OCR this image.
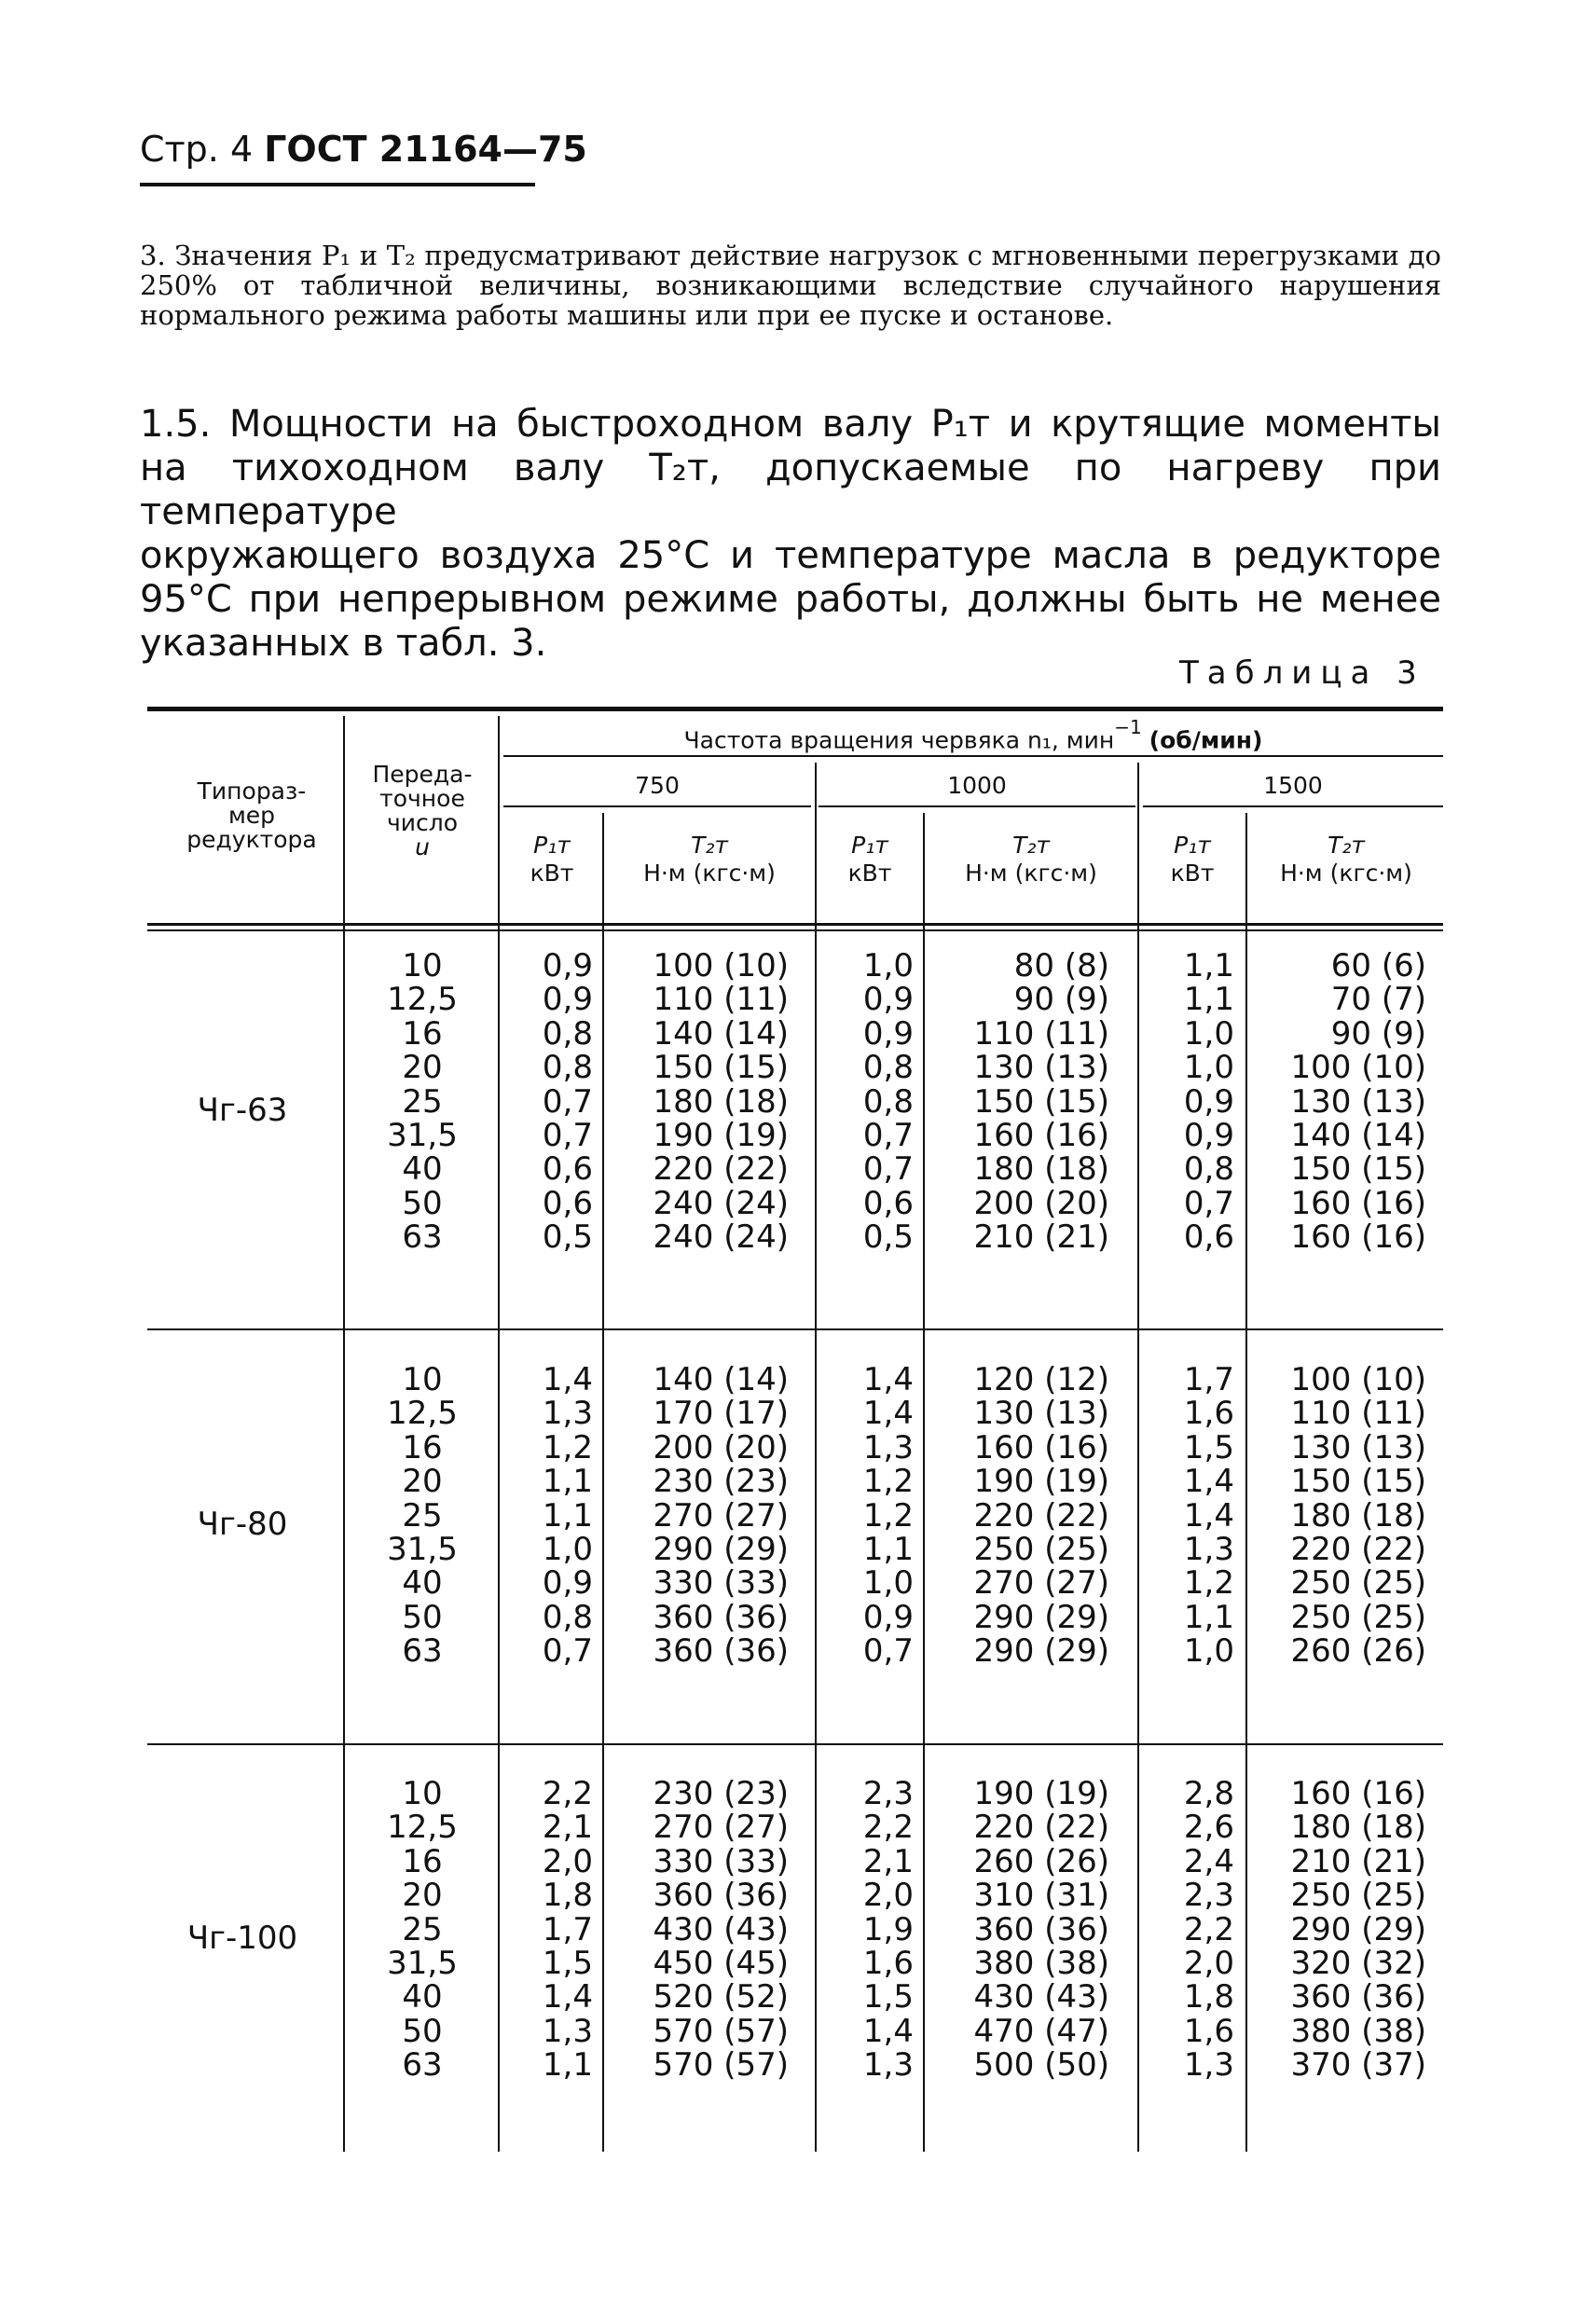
Стр. 4 ГОСТ 21164—75
3. Значения P₁ и T₂ предусматривают действие нагрузок с мгновенными перегрузками до 250% от табличной величины, возникающими вследствие случайного нарушения нормального режима работы машины или при ее пуске и останове.
1.5. Мощности на быстроходном валу P₁т и крутящие моменты
на тихоходном валу T₂т, допускаемые по нагреву при температуре
окружающего воздуха 25°С и температуре масла в редукторе
95°С при непрерывном режиме работы, должны быть не менее
указанных в табл. 3.
Таблица 3
Типораз-
мер
редуктора
Переда-
точное
число
u
Частота вращения червяка n₁, мин$^{-1}$ (об/мин)
750	1000	1500
P₁т
кВт
T₂т
Н·м (кгс·м)
P₁т
кВт
T₂т
Н·м (кгс·м)
P₁т
кВт
T₂т
Н·м (кгс·м)
Чг-63
10
12,5
16
20
25
31,5
40
50
63
0,9
0,9
0,8
0,8
0,7
0,7
0,6
0,6
0,5
100 (10)
110 (11)
140 (14)
150 (15)
180 (18)
190 (19)
220 (22)
240 (24)
240 (24)
1,0
0,9
0,9
0,8
0,8
0,7
0,7
0,6
0,5
80 (8)
90 (9)
110 (11)
130 (13)
150 (15)
160 (16)
180 (18)
200 (20)
210 (21)
1,1
1,1
1,0
1,0
0,9
0,9
0,8
0,7
0,6
60 (6)
70 (7)
90 (9)
100 (10)
130 (13)
140 (14)
150 (15)
160 (16)
160 (16)
Чг-80
10
12,5
16
20
25
31,5
40
50
63
1,4
1,3
1,2
1,1
1,1
1,0
0,9
0,8
0,7
140 (14)
170 (17)
200 (20)
230 (23)
270 (27)
290 (29)
330 (33)
360 (36)
360 (36)
1,4
1,4
1,3
1,2
1,2
1,1
1,0
0,9
0,7
120 (12)
130 (13)
160 (16)
190 (19)
220 (22)
250 (25)
270 (27)
290 (29)
290 (29)
1,7
1,6
1,5
1,4
1,4
1,3
1,2
1,1
1,0
100 (10)
110 (11)
130 (13)
150 (15)
180 (18)
220 (22)
250 (25)
250 (25)
260 (26)
Чг-100
10
12,5
16
20
25
31,5
40
50
63
2,2
2,1
2,0
1,8
1,7
1,5
1,4
1,3
1,1
230 (23)
270 (27)
330 (33)
360 (36)
430 (43)
450 (45)
520 (52)
570 (57)
570 (57)
2,3
2,2
2,1
2,0
1,9
1,6
1,5
1,4
1,3
190 (19)
220 (22)
260 (26)
310 (31)
360 (36)
380 (38)
430 (43)
470 (47)
500 (50)
2,8
2,6
2,4
2,3
2,2
2,0
1,8
1,6
1,3
160 (16)
180 (18)
210 (21)
250 (25)
290 (29)
320 (32)
360 (36)
380 (38)
370 (37)
